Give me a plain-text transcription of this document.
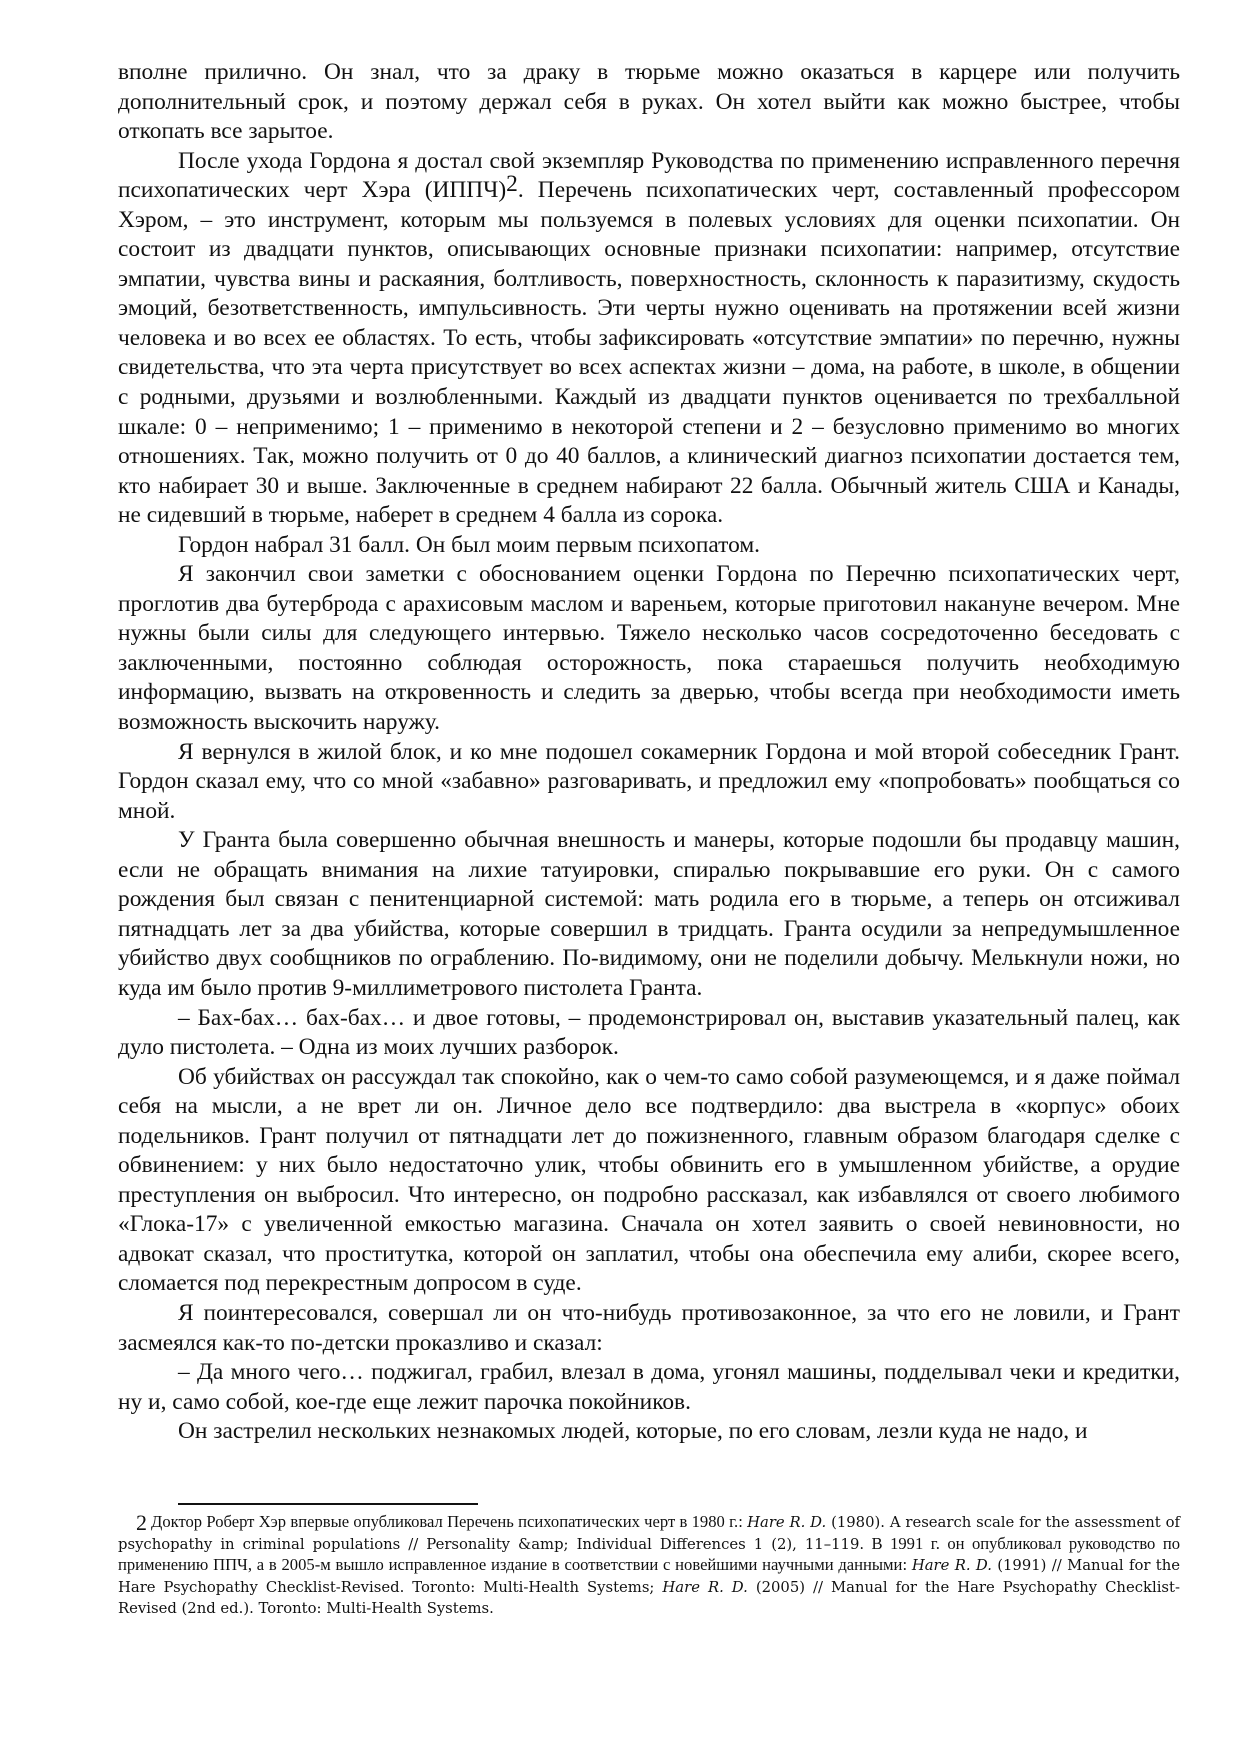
вполне прилично. Он знал, что за драку в тюрьме можно оказаться в карцере или получить дополнительный срок, и поэтому держал себя в руках. Он хотел выйти как можно быстрее, чтобы откопать все зарытое.

После ухода Гордона я достал свой экземпляр Руководства по применению исправленного перечня психопатических черт Хэра (ИППЧ)2. Перечень психопатических черт, составленный профессором Хэром, – это инструмент, которым мы пользуемся в полевых условиях для оценки психопатии. Он состоит из двадцати пунктов, описывающих основные признаки психопатии: например, отсутствие эмпатии, чувства вины и раскаяния, болтливость, поверхностность, склонность к паразитизму, скудость эмоций, безответственность, импульсивность. Эти черты нужно оценивать на протяжении всей жизни человека и во всех ее областях. То есть, чтобы зафиксировать «отсутствие эмпатии» по перечню, нужны свидетельства, что эта черта присутствует во всех аспектах жизни – дома, на работе, в школе, в общении с родными, друзьями и возлюбленными. Каждый из двадцати пунктов оценивается по трехбалльной шкале: 0 – неприменимо; 1 – применимо в некоторой степени и 2 – безусловно применимо во многих отношениях. Так, можно получить от 0 до 40 баллов, а клинический диагноз психопатии достается тем, кто набирает 30 и выше. Заключенные в среднем набирают 22 балла. Обычный житель США и Канады, не сидевший в тюрьме, наберет в среднем 4 балла из сорока.

Гордон набрал 31 балл. Он был моим первым психопатом.

Я закончил свои заметки с обоснованием оценки Гордона по Перечню психопатических черт, проглотив два бутерброда с арахисовым маслом и вареньем, которые приготовил накануне вечером. Мне нужны были силы для следующего интервью. Тяжело несколько часов сосредоточенно беседовать с заключенными, постоянно соблюдая осторожность, пока стараешься получить необходимую информацию, вызвать на откровенность и следить за дверью, чтобы всегда при необходимости иметь возможность выскочить наружу.

Я вернулся в жилой блок, и ко мне подошел сокамерник Гордона и мой второй собеседник Грант. Гордон сказал ему, что со мной «забавно» разговаривать, и предложил ему «попробовать» пообщаться со мной.

У Гранта была совершенно обычная внешность и манеры, которые подошли бы продавцу машин, если не обращать внимания на лихие татуировки, спиралью покрывавшие его руки. Он с самого рождения был связан с пенитенциарной системой: мать родила его в тюрьме, а теперь он отсиживал пятнадцать лет за два убийства, которые совершил в тридцать. Гранта осудили за непредумышленное убийство двух сообщников по ограблению. По-видимому, они не поделили добычу. Мелькнули ножи, но куда им было против 9-миллиметрового пистолета Гранта.

– Бах-бах… бах-бах… и двое готовы, – продемонстрировал он, выставив указательный палец, как дуло пистолета. – Одна из моих лучших разборок.

Об убийствах он рассуждал так спокойно, как о чем-то само собой разумеющемся, и я даже поймал себя на мысли, а не врет ли он. Личное дело все подтвердило: два выстрела в «корпус» обоих подельников. Грант получил от пятнадцати лет до пожизненного, главным образом благодаря сделке с обвинением: у них было недостаточно улик, чтобы обвинить его в умышленном убийстве, а орудие преступления он выбросил. Что интересно, он подробно рассказал, как избавлялся от своего любимого «Глока-17» с увеличенной емкостью магазина. Сначала он хотел заявить о своей невиновности, но адвокат сказал, что проститутка, которой он заплатил, чтобы она обеспечила ему алиби, скорее всего, сломается под перекрестным допросом в суде.

Я поинтересовался, совершал ли он что-нибудь противозаконное, за что его не ловили, и Грант засмеялся как-то по-детски проказливо и сказал:

– Да много чего… поджигал, грабил, влезал в дома, угонял машины, подделывал чеки и кредитки, ну и, само собой, кое-где еще лежит парочка покойников.

Он застрелил нескольких незнакомых людей, которые, по его словам, лезли куда не надо, и

2 Доктор Роберт Хэр впервые опубликовал Перечень психопатических черт в 1980 г.: Hare R. D. (1980). A research scale for the assessment of psychopathy in criminal populations // Personality &amp; Individual Differences 1 (2), 11–119. В 1991 г. он опубликовал руководство по применению ППЧ, а в 2005-м вышло исправленное издание в соответствии с новейшими научными данными: Hare R. D. (1991) // Manual for the Hare Psychopathy Checklist-Revised. Toronto: Multi-Health Systems; Hare R. D. (2005) // Manual for the Hare Psychopathy Checklist-Revised (2nd ed.). Toronto: Multi-Health Systems.
